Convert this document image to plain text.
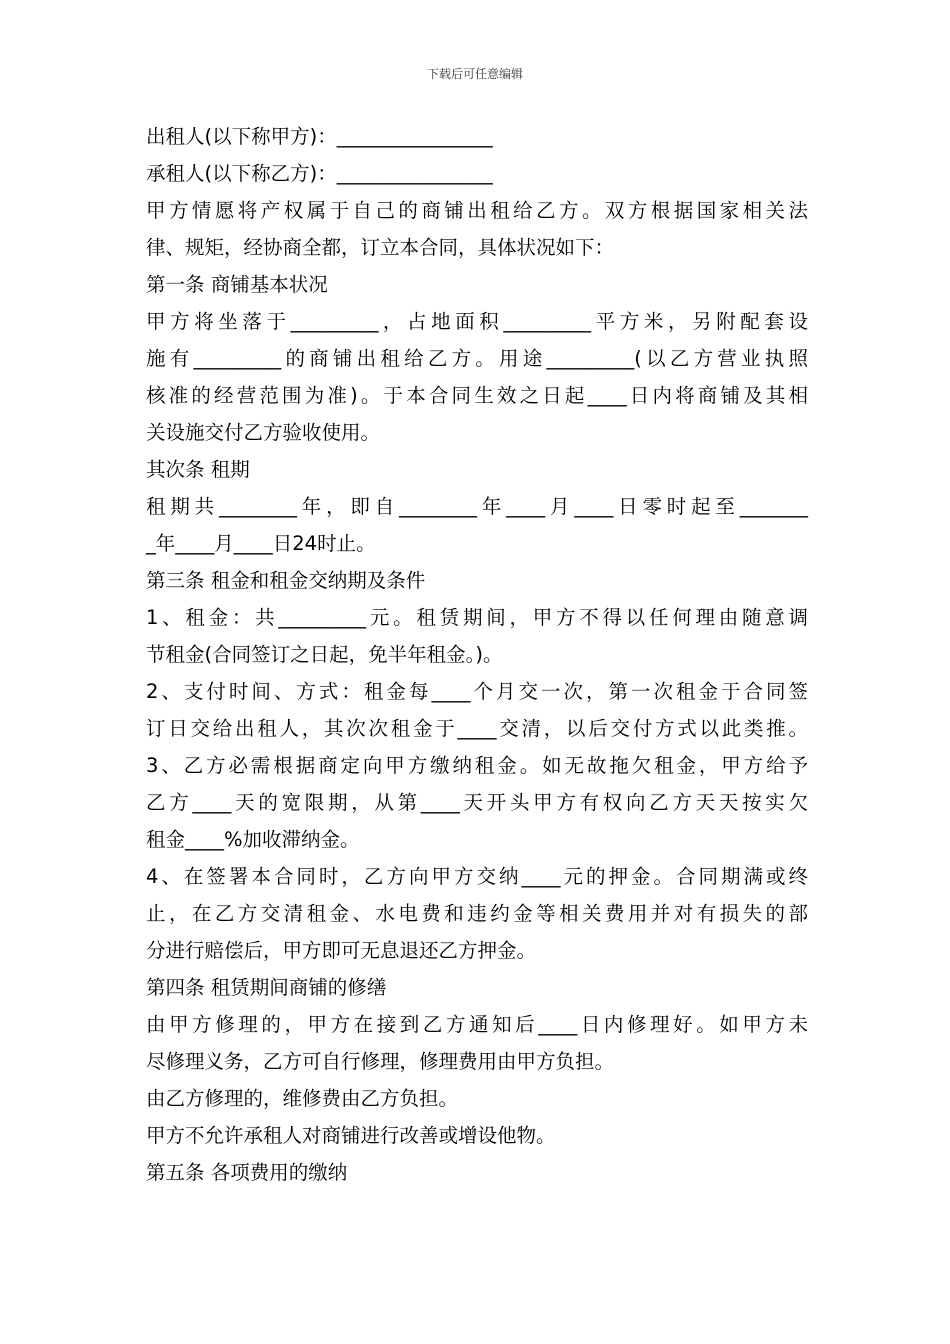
下载后可任意编辑
出租人(以下称甲方)：________________
承租人(以下称乙方)：________________
甲方情愿将产权属于自己的商铺出租给乙方。双方根据国家相关法
律、规矩，经协商全都，订立本合同，具体状况如下：
第一条 商铺基本状况
甲方将坐落于_________，占地面积_________平方米，另附配套设
施有_________的商铺出租给乙方。用途_________(以乙方营业执照
核准的经营范围为准)。于本合同生效之日起____日内将商铺及其相
关设施交付乙方验收使用。
其次条 租期
租期共________年，即自________年____月____日零时起至_______
_年____月____日24时止。
第三条 租金和租金交纳期及条件
1、租金：共_________元。租赁期间，甲方不得以任何理由随意调
节租金(合同签订之日起，免半年租金。)。
2、支付时间、方式：租金每____个月交一次，第一次租金于合同签
订日交给出租人，其次次租金于____交清，以后交付方式以此类推。
3、乙方必需根据商定向甲方缴纳租金。如无故拖欠租金，甲方给予
乙方____天的宽限期，从第____天开头甲方有权向乙方天天按实欠
租金____%加收滞纳金。
4、在签署本合同时，乙方向甲方交纳____元的押金。合同期满或终
止，在乙方交清租金、水电费和违约金等相关费用并对有损失的部
分进行赔偿后，甲方即可无息退还乙方押金。
第四条 租赁期间商铺的修缮
由甲方修理的，甲方在接到乙方通知后____日内修理好。如甲方未
尽修理义务，乙方可自行修理，修理费用由甲方负担。
由乙方修理的，维修费由乙方负担。
甲方不允许承租人对商铺进行改善或增设他物。
第五条 各项费用的缴纳
